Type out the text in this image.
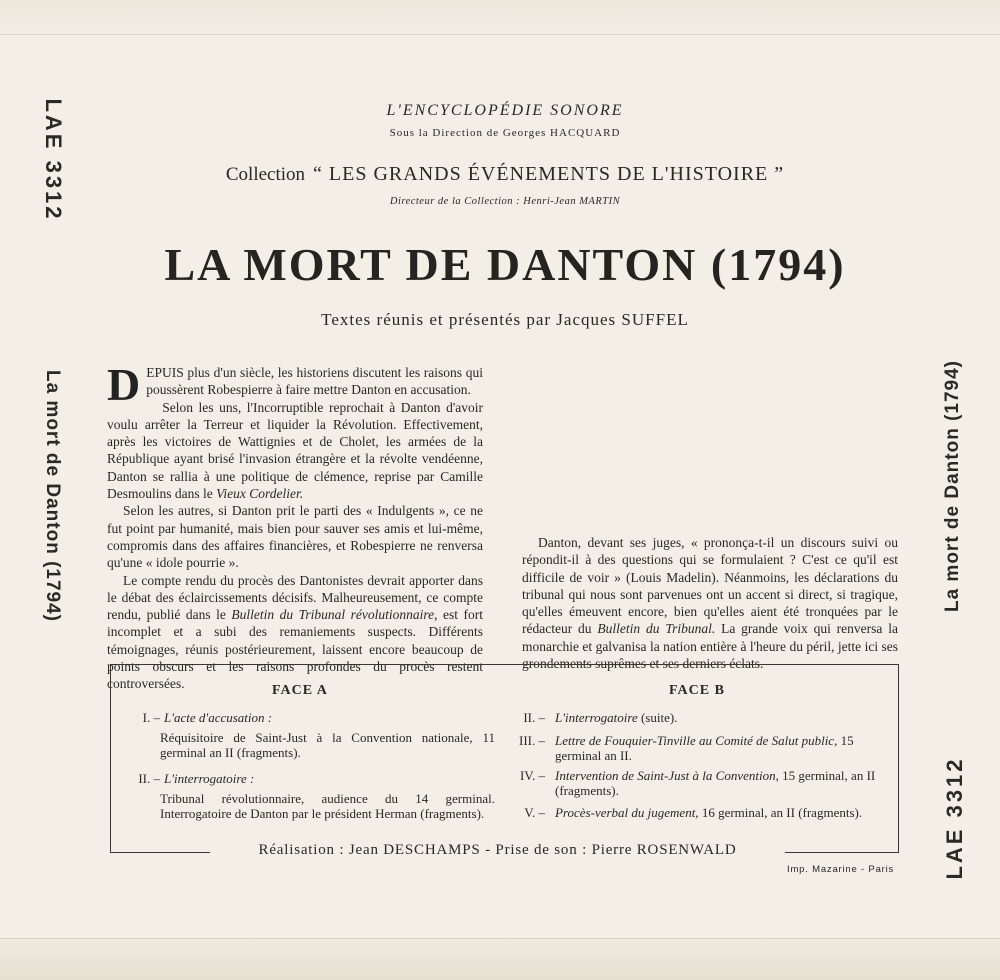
LAE 3312
La mort de Danton (1794)	La mort de Danton (1794)
LAE 3312
L'ENCYCLOPÉDIE SONORE
Sous la Direction de Georges HACQUARD
Collection “ LES GRANDS ÉVÉNEMENTS DE L'HISTOIRE ”
Directeur de la Collection : Henri-Jean MARTIN
LA MORT DE DANTON (1794)
Textes réunis et présentés par Jacques SUFFEL

DEPUIS plus d'un siècle, les historiens discutent les raisons qui poussèrent Robespierre à faire mettre Danton en accusation.

Selon les uns, l'Incorruptible reprochait à Danton d'avoir voulu arrêter la Terreur et liquider la Révolution. Effectivement, après les victoires de Wattignies et de Cholet, les armées de la République ayant brisé l'invasion étrangère et la révolte vendéenne, Danton se rallia à une politique de clémence, reprise par Camille Desmoulins dans le Vieux Cordelier.

Selon les autres, si Danton prit le parti des « Indulgents », ce ne fut point par humanité, mais bien pour sauver ses amis et lui-même, compromis dans des affaires financières, et Robespierre ne renversa qu'une « idole pourrie ».

Le compte rendu du procès des Dantonistes devrait apporter dans le débat des éclaircissements décisifs. Malheureusement, ce compte rendu, publié dans le Bulletin du Tribunal révolutionnaire, est fort incomplet et a subi des remaniements suspects. Différents témoignages, réunis postérieurement, laissent encore beaucoup de points obscurs et les raisons profondes du procès restent controversées.

Danton, devant ses juges, « prononça-t-il un discours suivi ou répondit-il à des questions qui se formulaient ? C'est ce qu'il est difficile de voir » (Louis Madelin). Néanmoins, les déclarations du tribunal qui nous sont parvenues ont un accent si direct, si tragique, qu'elles émeuvent encore, bien qu'elles aient été tronquées par le rédacteur du Bulletin du Tribunal. La grande voix qui renversa la monarchie et galvanisa la nation entière à l'heure du péril, jette ici ses grondements suprêmes et ses derniers éclats.

FACE A	FACE B
I. – L'acte d'accusation :
Réquisitoire de Saint-Just à la Convention nationale, 11 germinal an II (fragments).
II. – L'interrogatoire :
Tribunal révolutionnaire, audience du 14 germinal. Interrogatoire de Danton par le président Herman (fragments).
II. – L'interrogatoire (suite).
III. – Lettre de Fouquier-Tinville au Comité de Salut public, 15 germinal an II.
IV. – Intervention de Saint-Just à la Convention, 15 germinal, an II (fragments).
V. – Procès-verbal du jugement, 16 germinal, an II (fragments).
Réalisation : Jean DESCHAMPS - Prise de son : Pierre ROSENWALD
Imp. Mazarine - Paris
